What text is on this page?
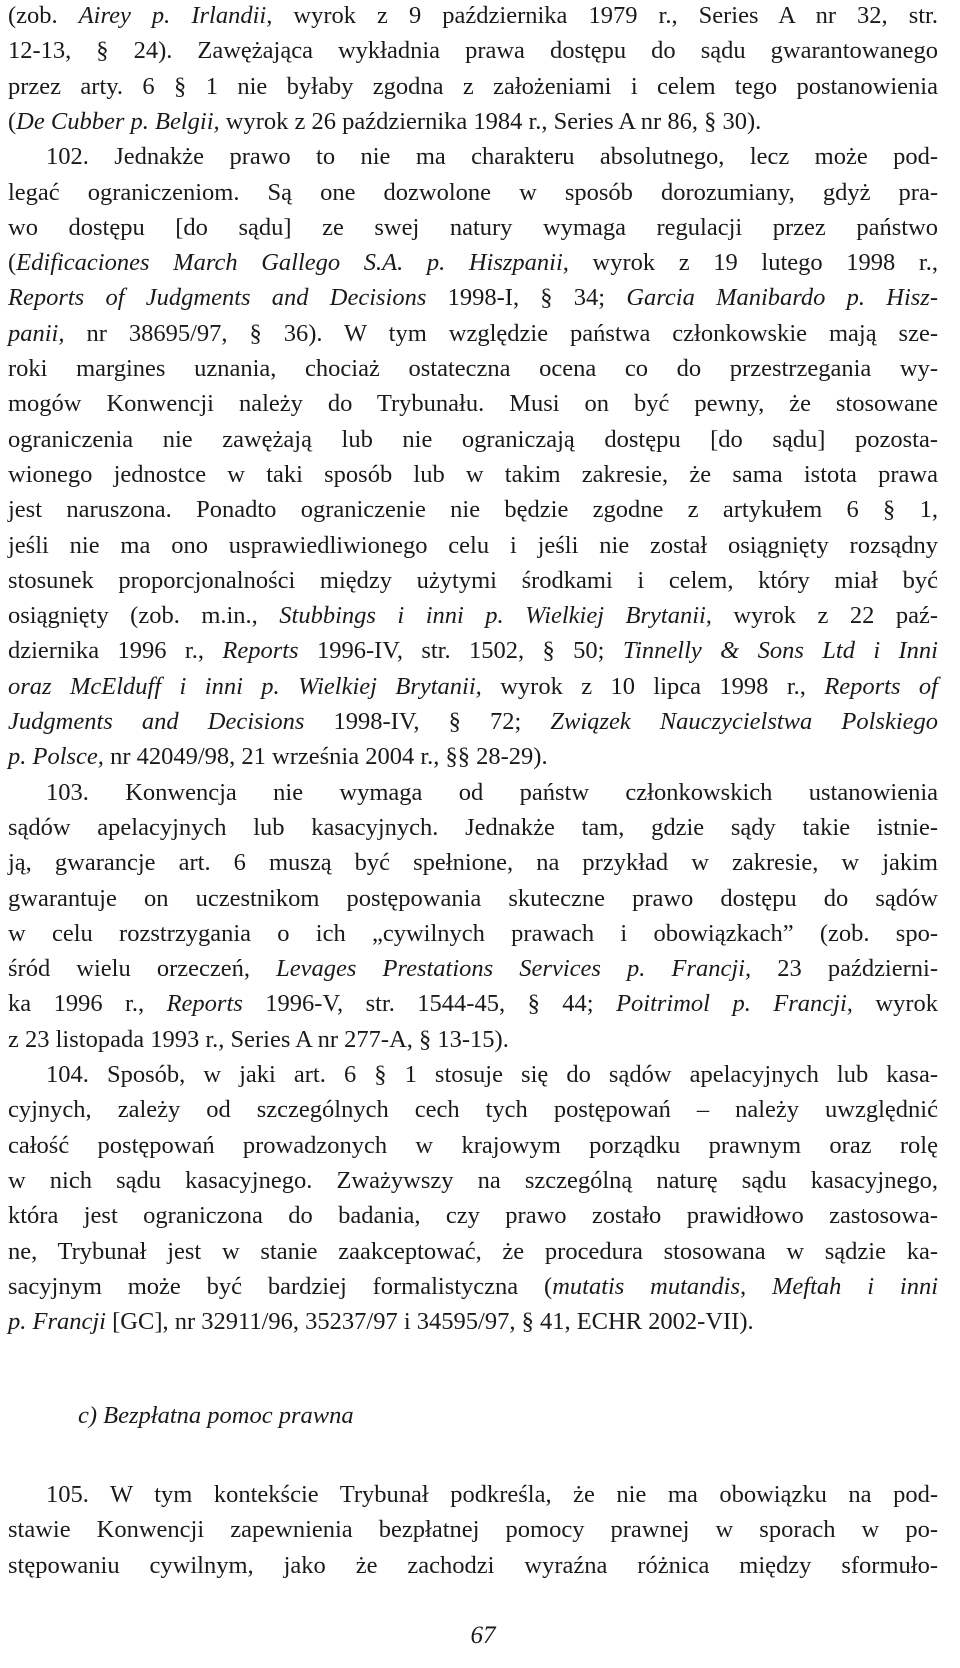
(zob. Airey p. Irlandii, wyrok z 9 października 1979 r., Series A nr 32, str.
12-13, § 24). Zawężająca wykładnia prawa dostępu do sądu gwarantowanego
przez arty. 6 § 1 nie byłaby zgodna z założeniami i celem tego postanowienia
(De Cubber p. Belgii, wyrok z 26 października 1984 r., Series A nr 86, § 30).
102. Jednakże prawo to nie ma charakteru absolutnego, lecz może pod-
legać ograniczeniom. Są one dozwolone w sposób dorozumiany, gdyż pra-
wo dostępu [do sądu] ze swej natury wymaga regulacji przez państwo
(Edificaciones March Gallego S.A. p. Hiszpanii, wyrok z 19 lutego 1998 r.,
Reports of Judgments and Decisions 1998-I, § 34; Garcia Manibardo p. Hisz-
panii, nr 38695/97, § 36). W tym względzie państwa członkowskie mają sze-
roki margines uznania, chociaż ostateczna ocena co do przestrzegania wy-
mogów Konwencji należy do Trybunału. Musi on być pewny, że stosowane
ograniczenia nie zawężają lub nie ograniczają dostępu [do sądu] pozosta-
wionego jednostce w taki sposób lub w takim zakresie, że sama istota prawa
jest naruszona. Ponadto ograniczenie nie będzie zgodne z artykułem 6 § 1,
jeśli nie ma ono usprawiedliwionego celu i jeśli nie został osiągnięty rozsądny
stosunek proporcjonalności między użytymi środkami i celem, który miał być
osiągnięty (zob. m.in., Stubbings i inni p. Wielkiej Brytanii, wyrok z 22 paź-
dziernika 1996 r., Reports 1996-IV, str. 1502, § 50; Tinnelly & Sons Ltd i Inni
oraz McElduff i inni p. Wielkiej Brytanii, wyrok z 10 lipca 1998 r., Reports of
Judgments and Decisions 1998-IV, § 72; Związek Nauczycielstwa Polskiego
p. Polsce, nr 42049/98, 21 września 2004 r., §§ 28-29).
103. Konwencja nie wymaga od państw członkowskich ustanowienia
sądów apelacyjnych lub kasacyjnych. Jednakże tam, gdzie sądy takie istnie-
ją, gwarancje art. 6 muszą być spełnione, na przykład w zakresie, w jakim
gwarantuje on uczestnikom postępowania skuteczne prawo dostępu do sądów
w celu rozstrzygania o ich „cywilnych prawach i obowiązkach” (zob. spo-
śród wielu orzeczeń, Levages Prestations Services p. Francji, 23 październi-
ka 1996 r., Reports 1996-V, str. 1544-45, § 44; Poitrimol p. Francji, wyrok
z 23 listopada 1993 r., Series A nr 277-A, § 13-15).
104. Sposób, w jaki art. 6 § 1 stosuje się do sądów apelacyjnych lub kasa-
cyjnych, zależy od szczególnych cech tych postępowań – należy uwzględnić
całość postępowań prowadzonych w krajowym porządku prawnym oraz rolę
w nich sądu kasacyjnego. Zważywszy na szczególną naturę sądu kasacyjnego,
która jest ograniczona do badania, czy prawo zostało prawidłowo zastosowa-
ne, Trybunał jest w stanie zaakceptować, że procedura stosowana w sądzie ka-
sacyjnym może być bardziej formalistyczna (mutatis mutandis, Meftah i inni
p. Francji [GC], nr 32911/96, 35237/97 i 34595/97, § 41, ECHR 2002-VII).
c) Bezpłatna pomoc prawna
105. W tym kontekście Trybunał podkreśla, że nie ma obowiązku na pod-
stawie Konwencji zapewnienia bezpłatnej pomocy prawnej w sporach w po-
stępowaniu cywilnym, jako że zachodzi wyraźna różnica między sformuło-
67
